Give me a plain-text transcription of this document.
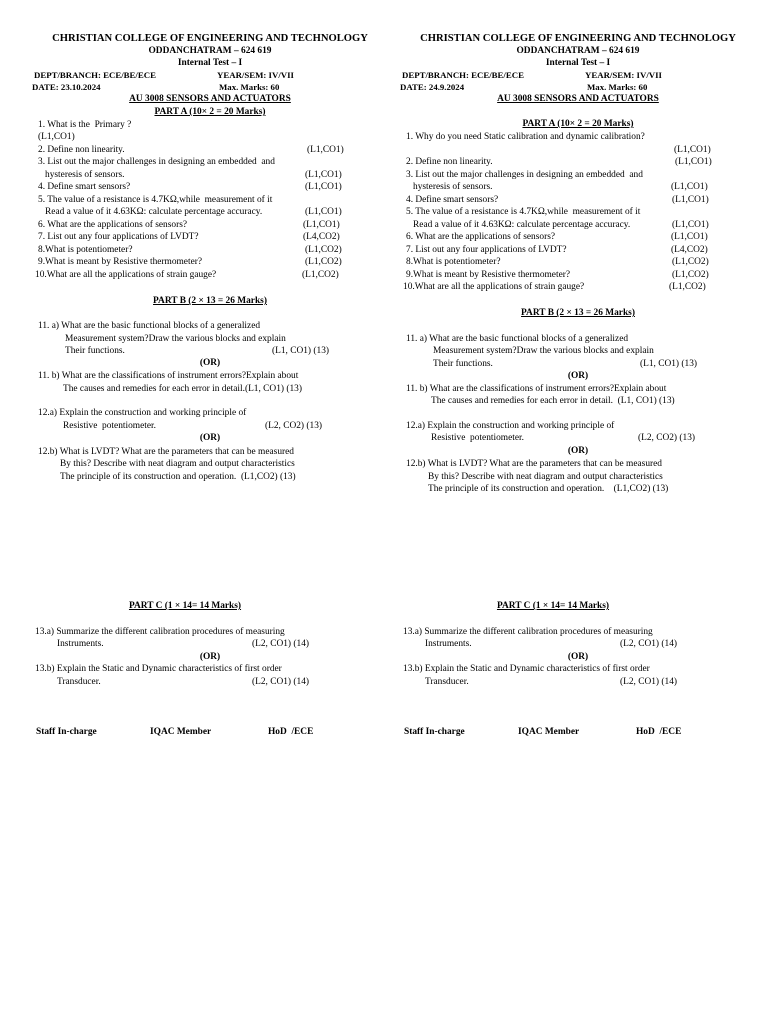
CHRISTIAN COLLEGE OF ENGINEERING AND TECHNOLOGY
ODDANCHATRAM – 624 619
Internal Test – I
DEPT/BRANCH: ECE/BE/ECE	YEAR/SEM: IV/VII
DATE: 23.10.2024	Max. Marks: 60
AU 3008 SENSORS AND ACTUATORS
PART A (10× 2 = 20 Marks)
1. What is the  Primary ?
(L1,CO1)
2. Define non linearity.	(L1,CO1)
3. List out the major challenges in designing an embedded  and
hysteresis of sensors.	(L1,CO1)
4. Define smart sensors?	(L1,CO1)
5. The value of a resistance is 4.7KΩ,while  measurement of it
Read a value of it 4.63KΩ: calculate percentage accuracy.	(L1,CO1)
6. What are the applications of sensors?	(L1,CO1)
7. List out any four applications of LVDT?	(L4,CO2)
8.What is potentiometer?	(L1,CO2)
9.What is meant by Resistive thermometer?	(L1,CO2)
10.What are all the applications of strain gauge?	(L1,CO2)
PART B (2 × 13 = 26 Marks)
11. a) What are the basic functional blocks of a generalized
Measurement system?Draw the various blocks and explain
Their functions.	(L1, CO1) (13)
(OR)
11. b) What are the classifications of instrument errors?Explain about
The causes and remedies for each error in detail.(L1, CO1) (13)
12.a) Explain the construction and working principle of
Resistive  potentiometer.	(L2, CO2) (13)
(OR)
12.b) What is LVDT? What are the parameters that can be measured
By this? Describe with neat diagram and output characteristics
The principle of its construction and operation.  (L1,CO2) (13)
PART C (1 × 14= 14 Marks)
13.a) Summarize the different calibration procedures of measuring
Instruments.	(L2, CO1) (14)
(OR)
13.b) Explain the Static and Dynamic characteristics of first order
Transducer.	(L2, CO1) (14)
Staff In-charge	IQAC Member	HoD  /ECE
CHRISTIAN COLLEGE OF ENGINEERING AND TECHNOLOGY
ODDANCHATRAM – 624 619
Internal Test – I
DEPT/BRANCH: ECE/BE/ECE	YEAR/SEM: IV/VII
DATE: 24.9.2024	Max. Marks: 60
AU 3008 SENSORS AND ACTUATORS
PART A (10× 2 = 20 Marks)
1. Why do you need Static calibration and dynamic calibration?
(L1,CO1)
2. Define non linearity.	(L1,CO1)
3. List out the major challenges in designing an embedded  and
hysteresis of sensors.	(L1,CO1)
4. Define smart sensors?	(L1,CO1)
5. The value of a resistance is 4.7KΩ,while  measurement of it
Read a value of it 4.63KΩ: calculate percentage accuracy.	(L1,CO1)
6. What are the applications of sensors?	(L1,CO1)
7. List out any four applications of LVDT?	(L4,CO2)
8.What is potentiometer?	(L1,CO2)
9.What is meant by Resistive thermometer?	(L1,CO2)
10.What are all the applications of strain gauge?	(L1,CO2)
PART B (2 × 13 = 26 Marks)
11. a) What are the basic functional blocks of a generalized
Measurement system?Draw the various blocks and explain
Their functions.	(L1, CO1) (13)
(OR)
11. b) What are the classifications of instrument errors?Explain about
The causes and remedies for each error in detail.  (L1, CO1) (13)
12.a) Explain the construction and working principle of
Resistive  potentiometer.	(L2, CO2) (13)
(OR)
12.b) What is LVDT? What are the parameters that can be measured
By this? Describe with neat diagram and output characteristics
The principle of its construction and operation.    (L1,CO2) (13)
PART C (1 × 14= 14 Marks)
13.a) Summarize the different calibration procedures of measuring
Instruments.	(L2, CO1) (14)
(OR)
13.b) Explain the Static and Dynamic characteristics of first order
Transducer.	(L2, CO1) (14)
Staff In-charge	IQAC Member	HoD  /ECE
